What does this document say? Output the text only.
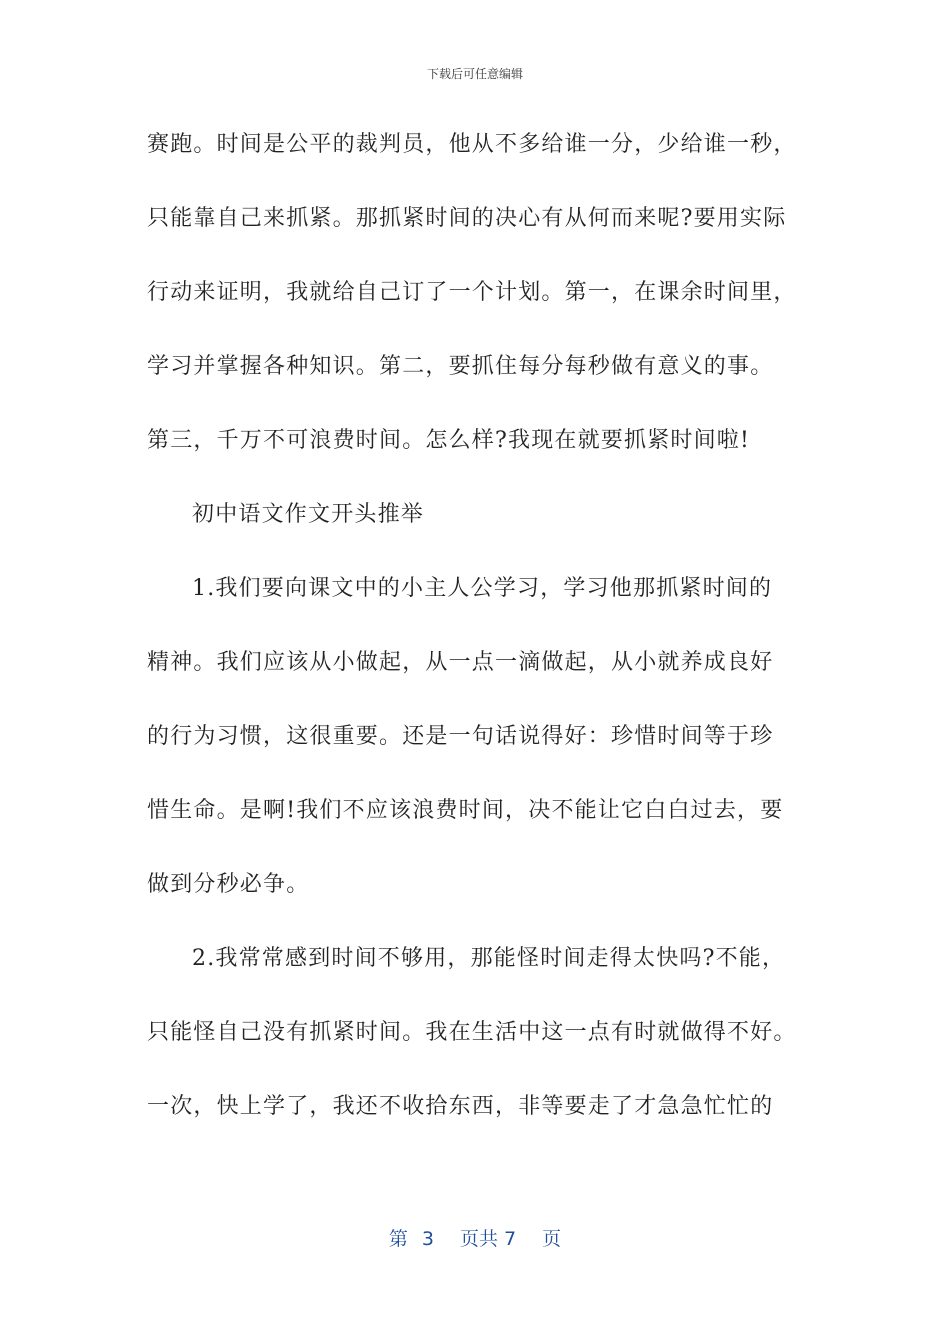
下载后可任意编辑
赛跑。时间是公平的裁判员，他从不多给谁一分，少给谁一秒，
只能靠自己来抓紧。那抓紧时间的决心有从何而来呢?要用实际
行动来证明，我就给自己订了一个计划。第一，在课余时间里，
学习并掌握各种知识。第二，要抓住每分每秒做有意义的事。
第三，千万不可浪费时间。怎么样?我现在就要抓紧时间啦!
初中语文作文开头推举
1.我们要向课文中的小主人公学习，学习他那抓紧时间的
精神。我们应该从小做起，从一点一滴做起，从小就养成良好
的行为习惯，这很重要。还是一句话说得好：珍惜时间等于珍
惜生命。是啊!我们不应该浪费时间，决不能让它白白过去，要
做到分秒必争。
2.我常常感到时间不够用，那能怪时间走得太快吗?不能，
只能怪自己没有抓紧时间。我在生活中这一点有时就做得不好。
一次，快上学了，我还不收拾东西，非等要走了才急急忙忙的
第 3 页共 7 页
